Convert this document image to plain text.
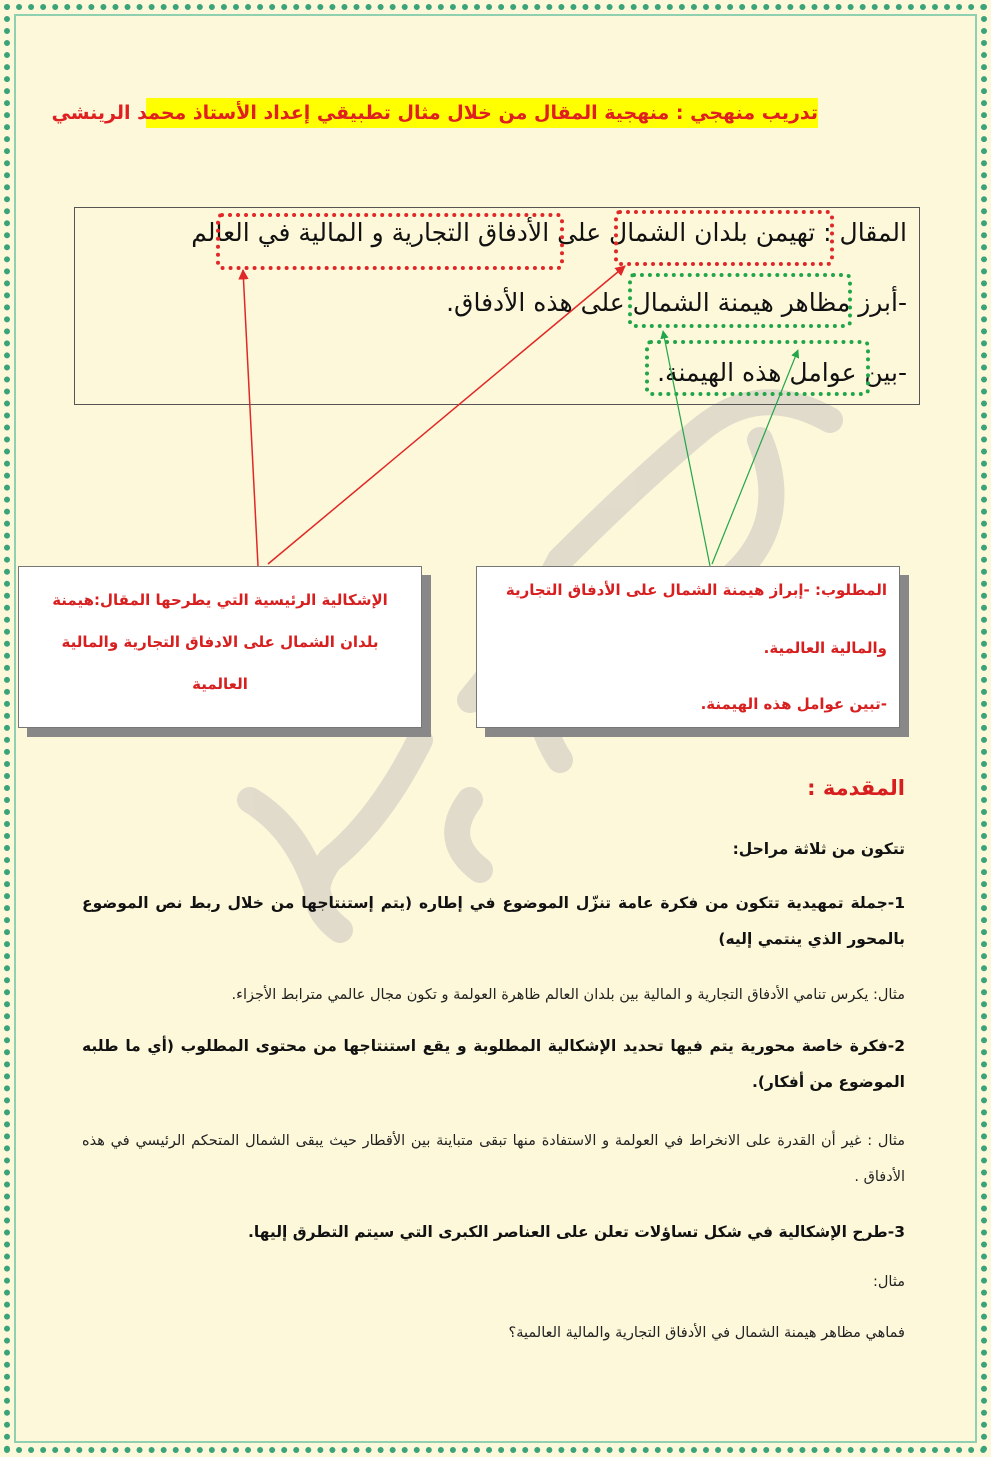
تدريب منهجي : منهجية المقال من خلال مثال تطبيقي إعداد الأستاذ محمد الرينشي
المقال : تهيمن بلدان الشمال على الأدفاق التجارية و المالية في العالم
-أبرز مظاهر هيمنة الشمال على هذه الأدفاق.
-بين عوامل هذه الهيمنة.

المطلوب: -إبراز هيمنة الشمال على الأدفاق التجارية

والمالية العالمية.

-تبين عوامل هذه الهيمنة.

الإشكالية الرئيسية التي يطرحها المقال:هيمنة

بلدان الشمال على الادفاق التجارية والمالية

العالمية

المقدمة :
تتكون من ثلاثة مراحل:
1-جملة تمهيدية تتكون من فكرة عامة تنزّل الموضوع في إطاره (يتم إستنتاجها من خلال ربط نص الموضوع بالمحور الذي ينتمي إليه)
مثال: يكرس تنامي الأدفاق التجارية و المالية بين بلدان العالم ظاهرة العولمة و تكون مجال عالمي مترابط الأجزاء.
2-فكرة خاصة محورية يتم فيها تحديد الإشكالية المطلوبة و يقع استنتاجها من محتوى المطلوب (أي ما طلبه الموضوع من أفكار).
مثال : غير أن القدرة على الانخراط في العولمة و الاستفادة منها تبقى متباينة بين الأقطار حيث يبقى الشمال المتحكم الرئيسي في هذه الأدفاق .
3-طرح الإشكالية في شكل تساؤلات تعلن على العناصر الكبرى التي سيتم التطرق إليها.
مثال:
فماهي مظاهر هيمنة الشمال في الأدفاق التجارية والمالية العالمية؟
